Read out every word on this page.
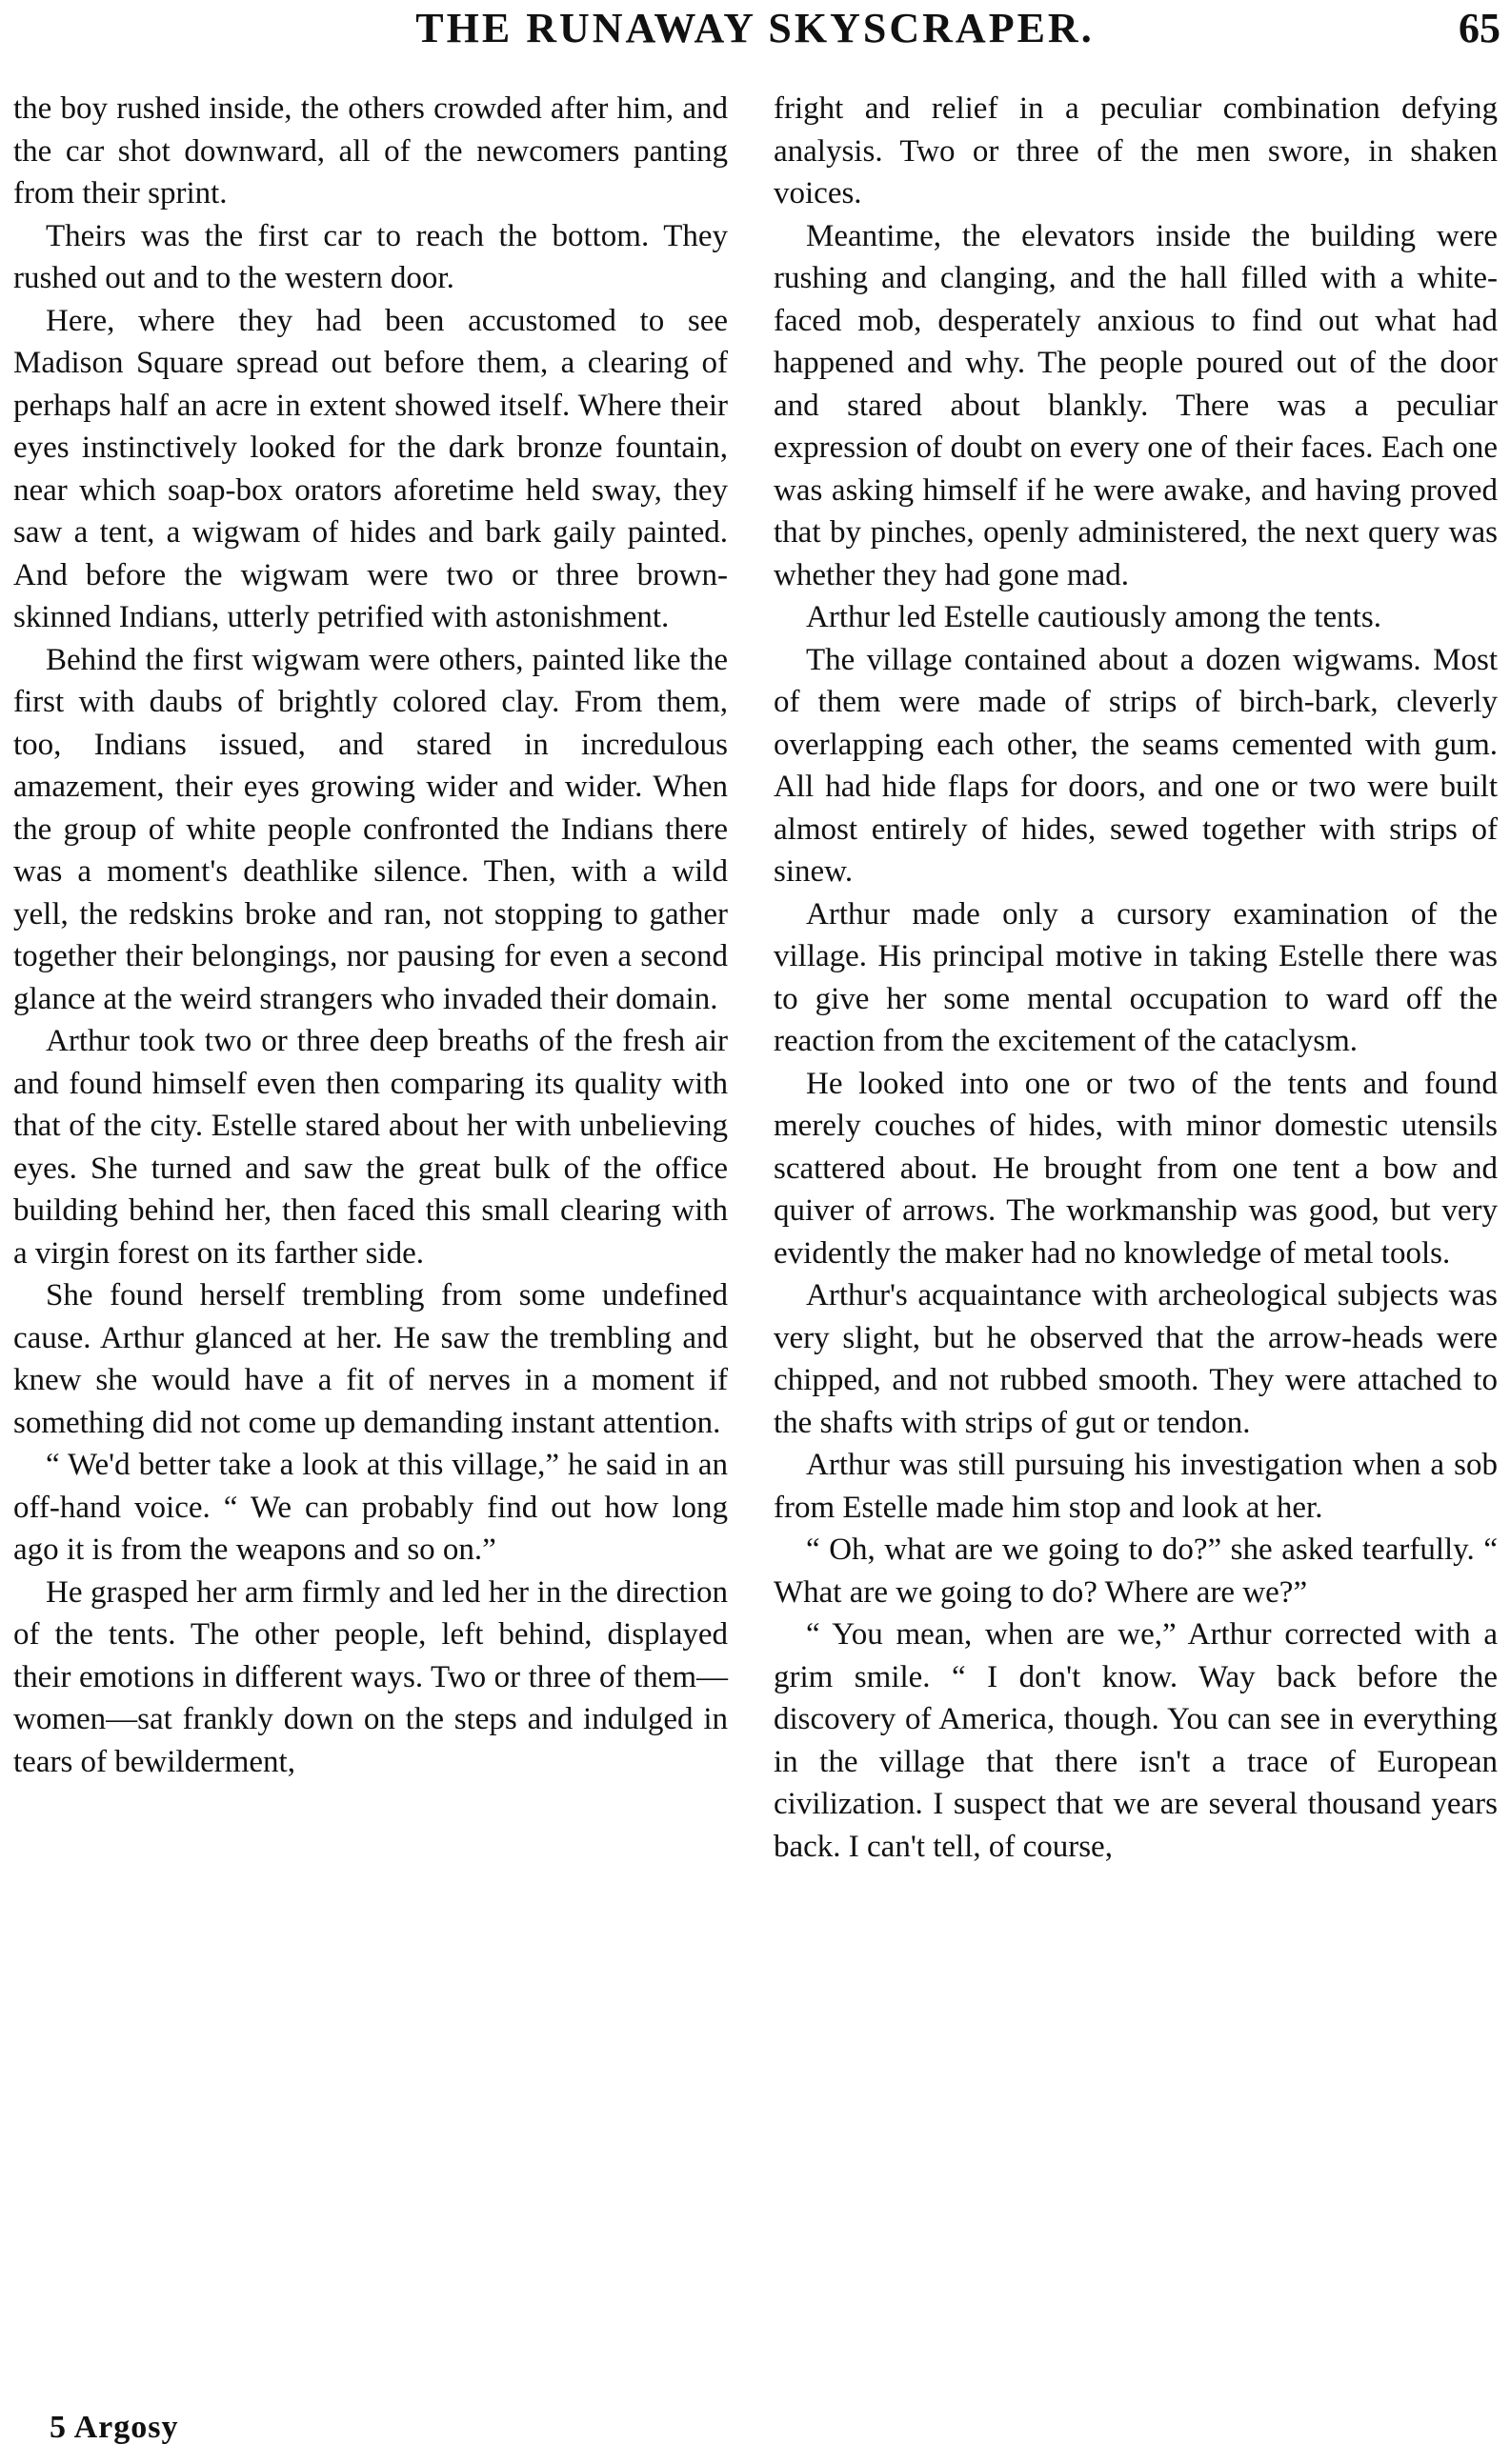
THE RUNAWAY SKYSCRAPER.	65

the boy rushed inside, the others crowded after him, and the car shot downward, all of the newcomers panting from their sprint.

Theirs was the first car to reach the bottom. They rushed out and to the western door.

Here, where they had been accustomed to see Madison Square spread out before them, a clearing of perhaps half an acre in extent showed itself. Where their eyes instinctively looked for the dark bronze fountain, near which soap-box orators aforetime held sway, they saw a tent, a wigwam of hides and bark gaily painted. And before the wigwam were two or three brown-skinned Indians, utterly petrified with astonishment.

Behind the first wigwam were others, painted like the first with daubs of brightly colored clay. From them, too, Indians issued, and stared in incredulous amazement, their eyes growing wider and wider. When the group of white people confronted the Indians there was a moment's deathlike silence. Then, with a wild yell, the redskins broke and ran, not stopping to gather together their belongings, nor pausing for even a second glance at the weird strangers who invaded their domain.

Arthur took two or three deep breaths of the fresh air and found himself even then comparing its quality with that of the city. Estelle stared about her with unbelieving eyes. She turned and saw the great bulk of the office building behind her, then faced this small clearing with a virgin forest on its farther side.

She found herself trembling from some undefined cause. Arthur glanced at her. He saw the trembling and knew she would have a fit of nerves in a moment if something did not come up demanding instant attention.

“ We'd better take a look at this village,” he said in an off-hand voice. “ We can probably find out how long ago it is from the weapons and so on.”

He grasped her arm firmly and led her in the direction of the tents. The other people, left behind, displayed their emotions in different ways. Two or three of them—women—sat frankly down on the steps and indulged in tears of bewilderment,

fright and relief in a peculiar combination defying analysis. Two or three of the men swore, in shaken voices.

Meantime, the elevators inside the building were rushing and clanging, and the hall filled with a white-faced mob, desperately anxious to find out what had happened and why. The people poured out of the door and stared about blankly. There was a peculiar expression of doubt on every one of their faces. Each one was asking himself if he were awake, and having proved that by pinches, openly administered, the next query was whether they had gone mad.

Arthur led Estelle cautiously among the tents.

The village contained about a dozen wigwams. Most of them were made of strips of birch-bark, cleverly overlapping each other, the seams cemented with gum. All had hide flaps for doors, and one or two were built almost entirely of hides, sewed together with strips of sinew.

Arthur made only a cursory examination of the village. His principal motive in taking Estelle there was to give her some mental occupation to ward off the reaction from the excitement of the cataclysm.

He looked into one or two of the tents and found merely couches of hides, with minor domestic utensils scattered about. He brought from one tent a bow and quiver of arrows. The workmanship was good, but very evidently the maker had no knowledge of metal tools.

Arthur's acquaintance with archeological subjects was very slight, but he observed that the arrow-heads were chipped, and not rubbed smooth. They were attached to the shafts with strips of gut or tendon.

Arthur was still pursuing his investigation when a sob from Estelle made him stop and look at her.

“ Oh, what are we going to do?” she asked tearfully. “ What are we going to do? Where are we?”

“ You mean, when are we,” Arthur corrected with a grim smile. “ I don't know. Way back before the discovery of America, though. You can see in everything in the village that there isn't a trace of European civilization. I suspect that we are several thousand years back. I can't tell, of course,

5 Argosy
